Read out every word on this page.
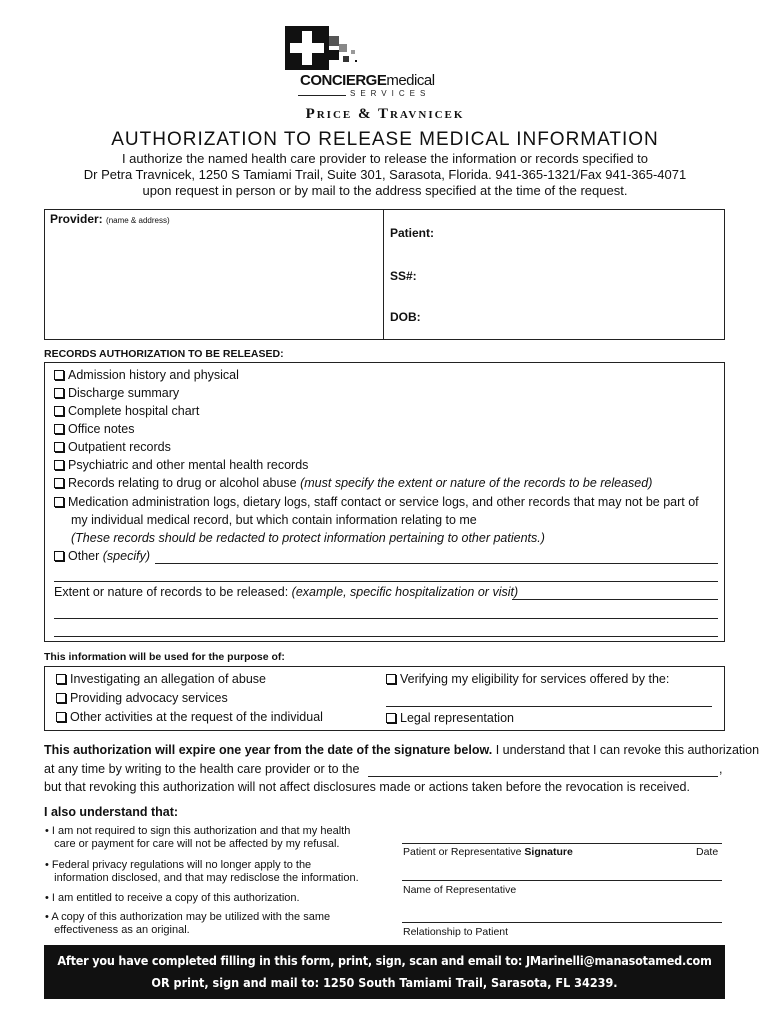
CONCIERGEmedical
SERVICES
Price & Travnicek
AUTHORIZATION TO RELEASE MEDICAL INFORMATION
I authorize the named health care provider to release the information or records specified to
Dr Petra Travnicek, 1250 S Tamiami Trail, Suite 301, Sarasota, Florida. 941-365-1321/Fax 941-365-4071
upon request in person or by mail to the address specified at the time of the request.
Provider: (name & address)
Patient:
SS#:
DOB:
RECORDS AUTHORIZATION TO BE RELEASED:
Admission history and physical
Discharge summary
Complete hospital chart
Office notes
Outpatient records
Psychiatric and other mental health records
Records relating to drug or alcohol abuse (must specify the extent or nature of the records to be released)
Medication administration logs, dietary logs, staff contact or service logs, and other records that may not be part of
my individual medical record, but which contain information relating to me
(These records should be redacted to protect information pertaining to other patients.)
Other (specify)
Extent or nature of records to be released: (example, specific hospitalization or visit)
This information will be used for the purpose of:
Investigating an allegation of abuse
Providing advocacy services
Other activities at the request of the individual
Verifying my eligibility for services offered by the:
Legal representation
This authorization will expire one year from the date of the signature below. I understand that I can revoke this authorization
at any time by writing to the health care provider or to the	,
but that revoking this authorization will not affect disclosures made or actions taken before the revocation is received.
I also understand that:
• I am not required to sign this authorization and that my health
care or payment for care will not be affected by my refusal.
• Federal privacy regulations will no longer apply to the
information disclosed, and that may redisclose the information.
• I am entitled to receive a copy of this authorization.
• A copy of this authorization may be utilized with the same
effectiveness as an original.
Patient or Representative Signature	Date
Name of Representative
Relationship to Patient
After you have completed filling in this form, print, sign, scan and email to: JMarinelli@manasotamed.com
OR print, sign and mail to: 1250 South Tamiami Trail, Sarasota, FL 34239.
